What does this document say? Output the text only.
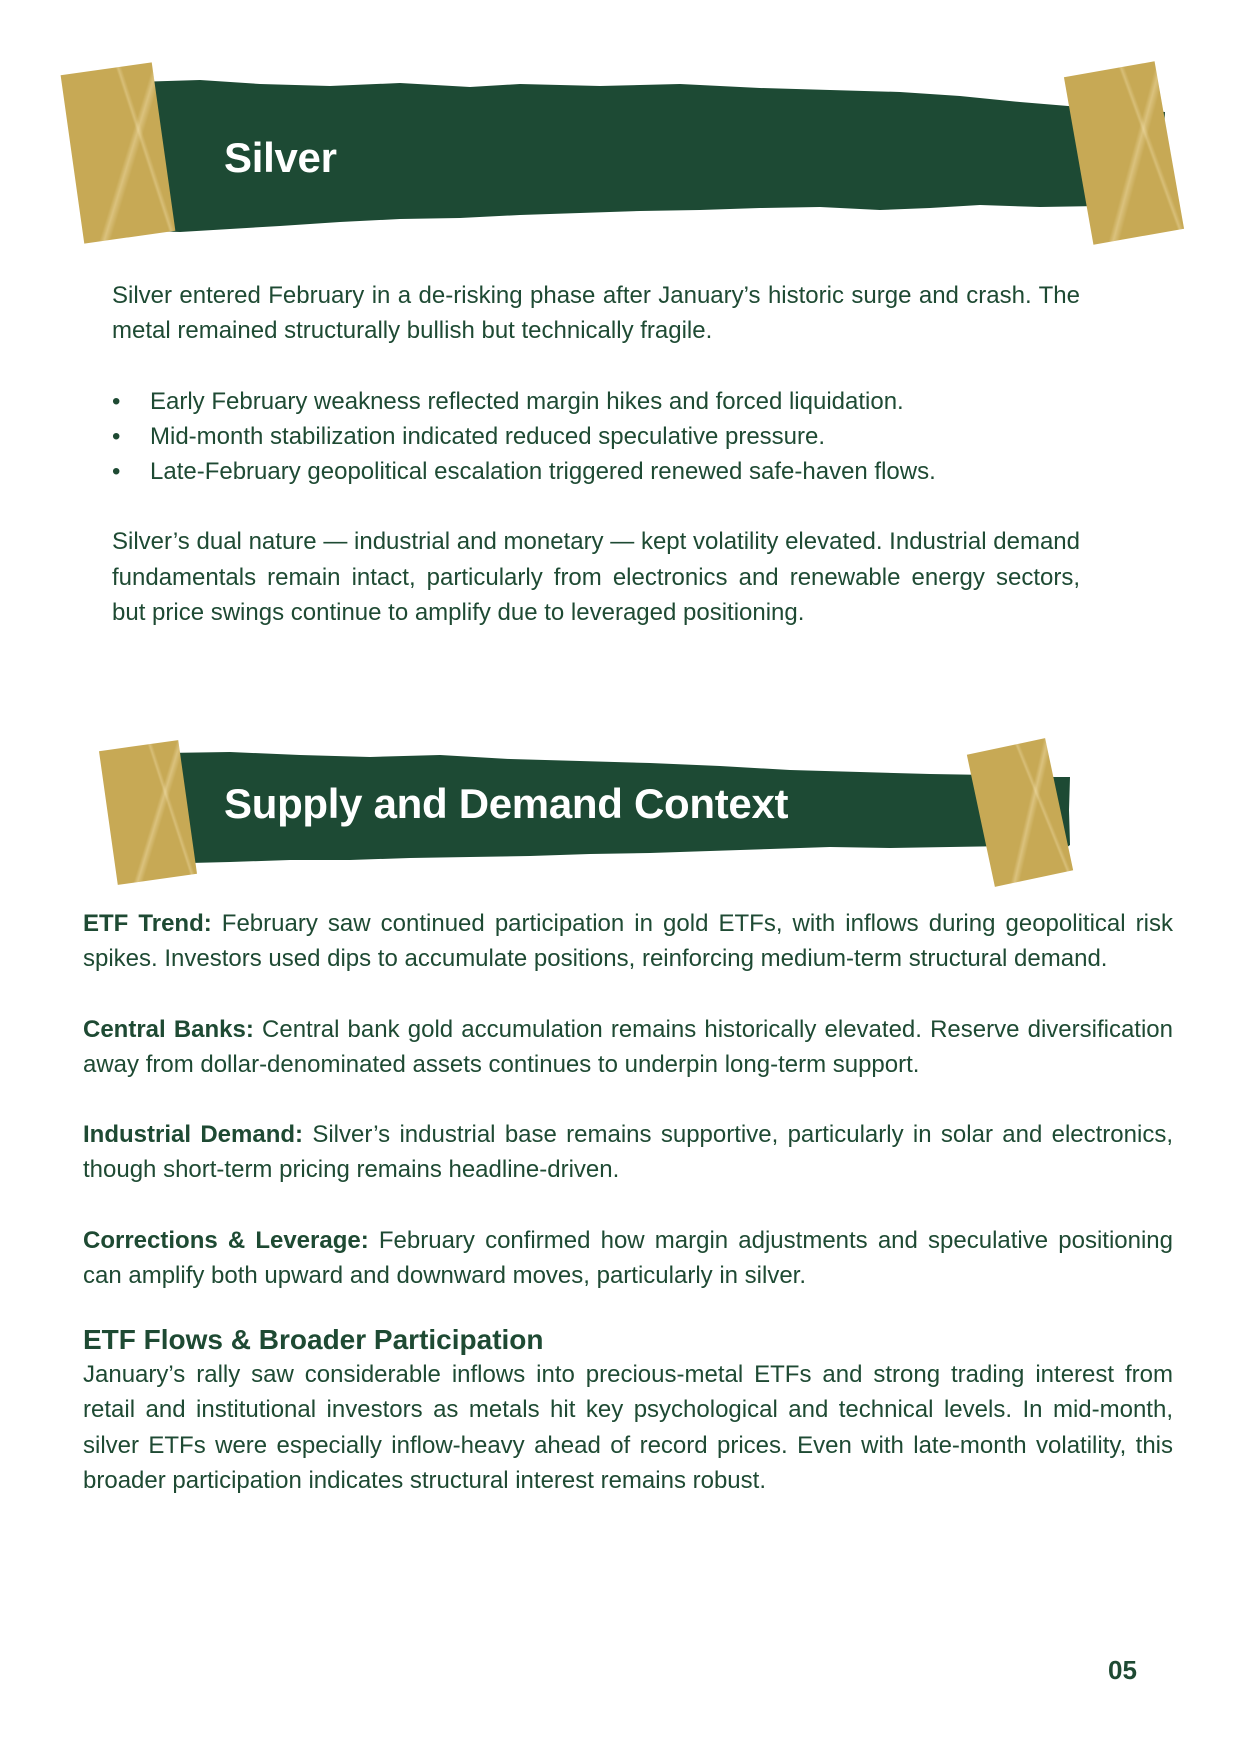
Silver

Silver entered February in a de-risking phase after January’s historic surge and crash. The metal remained structurally bullish but technically fragile.

• Early February weakness reflected margin hikes and forced liquidation.
• Mid-month stabilization indicated reduced speculative pressure.
• Late-February geopolitical escalation triggered renewed safe-haven flows.

Silver’s dual nature — industrial and monetary — kept volatility elevated. Industrial demand fundamentals remain intact, particularly from electronics and renewable energy sectors, but price swings continue to amplify due to leveraged positioning.

Supply and Demand Context

ETF Trend: February saw continued participation in gold ETFs, with inflows during geopolitical risk spikes. Investors used dips to accumulate positions, reinforcing medium-term structural demand.

Central Banks: Central bank gold accumulation remains historically elevated. Reserve diversification away from dollar-denominated assets continues to underpin long-term support.

Industrial Demand: Silver’s industrial base remains supportive, particularly in solar and electronics, though short-term pricing remains headline-driven.

Corrections & Leverage: February confirmed how margin adjustments and speculative positioning can amplify both upward and downward moves, particularly in silver.

ETF Flows & Broader Participation

January’s rally saw considerable inflows into precious-metal ETFs and strong trading interest from retail and institutional investors as metals hit key psychological and technical levels. In mid-month, silver ETFs were especially inflow-heavy ahead of record prices. Even with late-month volatility, this broader participation indicates structural interest remains robust.

05
